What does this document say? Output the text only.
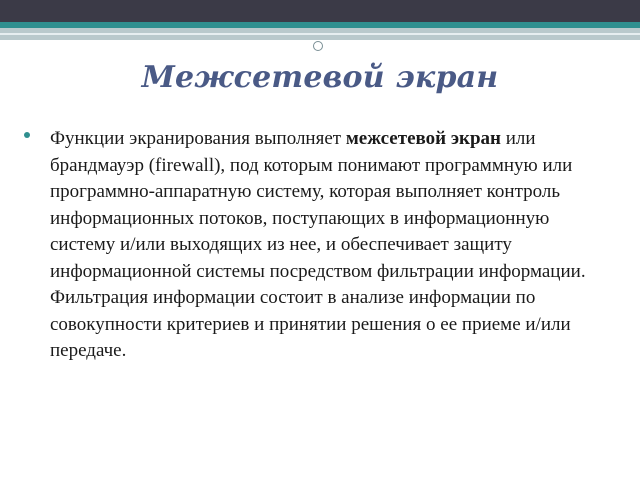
Межсетевой экран

Функции экранирования выполняет межсетевой экран или брандмауэр (firewall), под которым понимают программную или программно-аппаратную систему, которая выполняет контроль информационных потоков, поступающих в информационную систему и/или выходящих из нее, и обеспечивает защиту информационной системы посредством фильтрации информации. Фильтрация информации состоит в анализе информации по совокупности критериев и принятии решения о ее приеме и/или передаче.
